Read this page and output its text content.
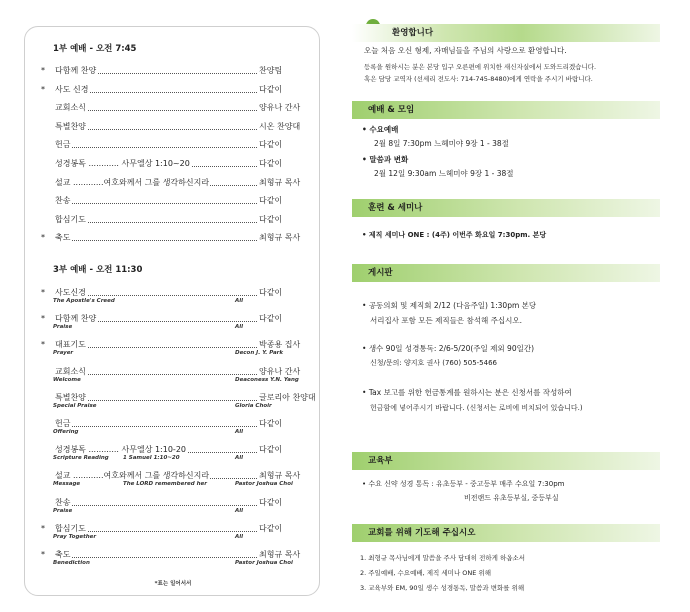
1부 예배 - 오전 7:45
* 다함께 찬양	찬양팀
* 사도 신경	다같이
교회소식	양유나 간사
특별찬양	시온 찬양대
헌금	다같이
성경봉독 ............ 사무엘상 1:10~20	다같이
설교 ............여호와께서 그를 생각하신지라	최형규 목사
찬송	다같이
합심기도	다같이
* 축도	최형규 목사
3부 예배 - 오전 11:30
* 사도신경	다같이
The Apostle's Creed	All
* 다함께 찬양	다같이
Praise	All
* 대표기도	박종용 집사
Prayer	Decon J. Y. Park
교회소식	양유나 간사
Welcome	Deaconess Y.N. Yang
특별찬양	글로리아 찬양대
Special Praise	Gloria Choir
헌금	다같이
Offering	All
성경봉독 ............ 사무엘상 1:10-20	다같이
Scripture Reading	1 Samuel 1:10~20	All
설교 ............여호와께서 그를 생각하신지라	최형규 목사
Message	The LORD remembered her	Pastor Joshua Choi
찬송	다같이
Praise	All
* 합심기도	다같이
Pray Together	All
* 축도	최형규 목사
Benediction	Pastor Joshua Choi
*표는 일어서서
환영합니다
오늘 처음 오신 형제, 자매님들을 주님의 사랑으로 환영합니다.
등록을 원하시는 분은 본당 입구 오른편에 위치한 새신자실에서 도와드리겠습니다.
혹은 담당 교역자 (선세리 전도사: 714-745-8480)에게 연락을 주시기 바랍니다.
예배 & 모임
• 수요예배
2월 8일 7:30pm 느헤미야 9장 1 - 38절
• 말씀과 변화
2월 12일 9:30am 느헤미야 9장 1 - 38절
훈련 & 세미나
• 제직 세미나 ONE : (4주) 이번주 화요일 7:30pm. 본당
게시판
• 공동의회 및 제직회 2/12 (다음주일) 1:30pm 본당
서리집사 포함 모든 제직들은 참석해 주십시오.
• 생수 90일 성경통독: 2/6-5/20(주일 제외 90일간)
신청/문의: 양지호 권사 (760) 505-5466
• Tax 보고를 위한 헌금통계를 원하시는 분은 신청서를 작성하여
헌금함에 넣어주시기 바랍니다. (신청서는 로비에 비치되어 있습니다.)
교육부
• 수요 신약 성경 통독 : 유초등부 - 중고등부 매주 수요일 7:30pm
비전랜드 유초등부실, 중등부실
교회를 위해 기도해 주십시오
1. 최형규 목사님에게 말씀을 주사 담대히 전하게 하옵소서
2. 주일예배, 수요예배, 제직 세미나 ONE 위해
3. 교육부와 EM, 90일 생수 성경통독, 말씀과 변화를 위해
